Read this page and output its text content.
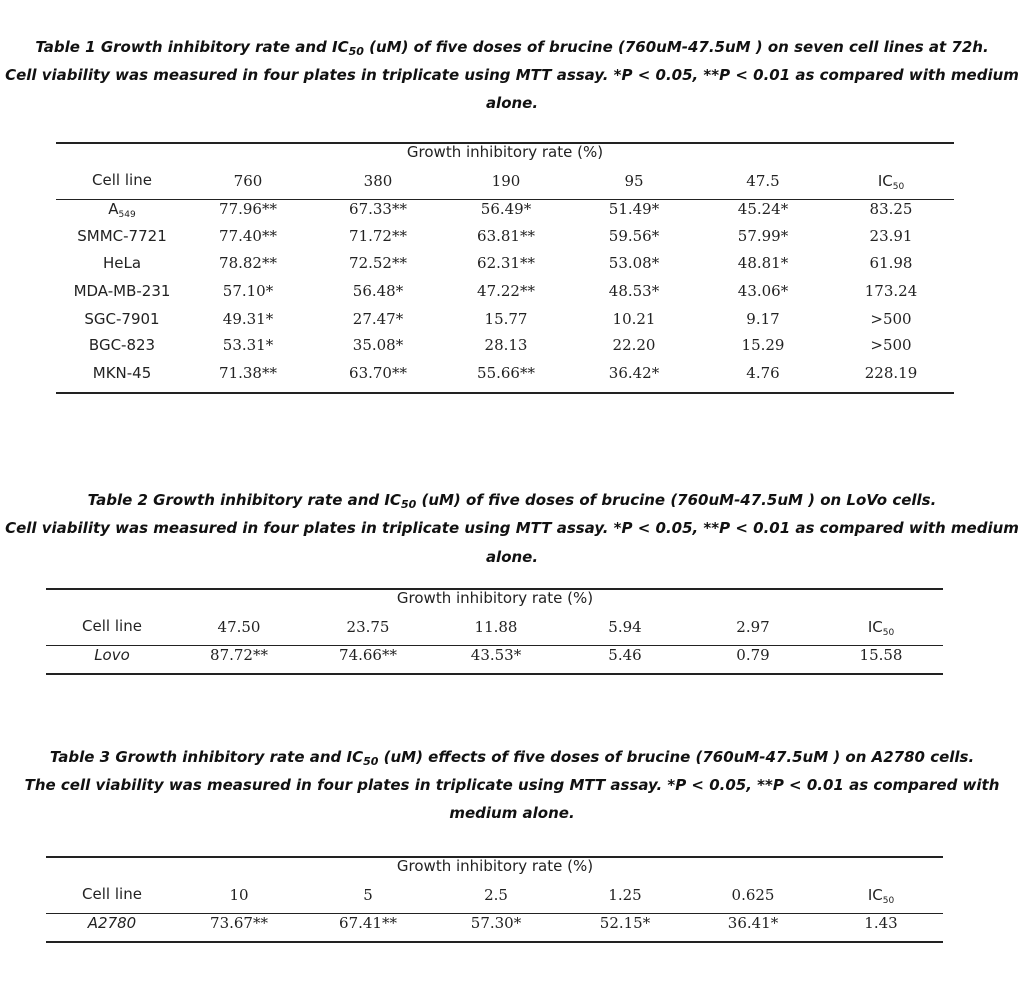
Table 1 Growth inhibitory rate and $IC_{50}$ (uM) of five doses of brucine (760uM-47.5uM ) on seven cell lines at 72h.
Cell viability was measured in four plates in triplicate using MTT assay. *P < 0.05, **P < 0.01 as compared with medium
alone.
Growth inhibitory rate (%)
Cell line	760	380	190	95	47.5	$IC_{50}$
$A_{549}$	77.96**	67.33**	56.49*	51.49*	45.24*	83.25
SMMC-7721	77.40**	71.72**	63.81**	59.56*	57.99*	23.91
HeLa	78.82**	72.52**	62.31**	53.08*	48.81*	61.98
MDA-MB-231	57.10*	56.48*	47.22**	48.53*	43.06*	173.24
SGC-7901	49.31*	27.47*	15.77	10.21	9.17	>500
BGC-823	53.31*	35.08*	28.13	22.20	15.29	>500
MKN-45	71.38**	63.70**	55.66**	36.42*	4.76	228.19
Table 2 Growth inhibitory rate and $IC_{50}$ (uM) of five doses of brucine (760uM-47.5uM ) on LoVo cells.
Cell viability was measured in four plates in triplicate using MTT assay. *P < 0.05, **P < 0.01 as compared with medium
alone.
Growth inhibitory rate (%)
Cell line	47.50	23.75	11.88	5.94	2.97	$IC_{50}$
Lovo	87.72**	74.66**	43.53*	5.46	0.79	15.58
Table 3 Growth inhibitory rate and $IC_{50}$ (uM) effects of five doses of brucine (760uM-47.5uM ) on A2780 cells.
The cell viability was measured in four plates in triplicate using MTT assay. *P < 0.05, **P < 0.01 as compared with
medium alone.
Growth inhibitory rate (%)
Cell line	10	5	2.5	1.25	0.625	$IC_{50}$
A2780	73.67**	67.41**	57.30*	52.15*	36.41*	1.43
